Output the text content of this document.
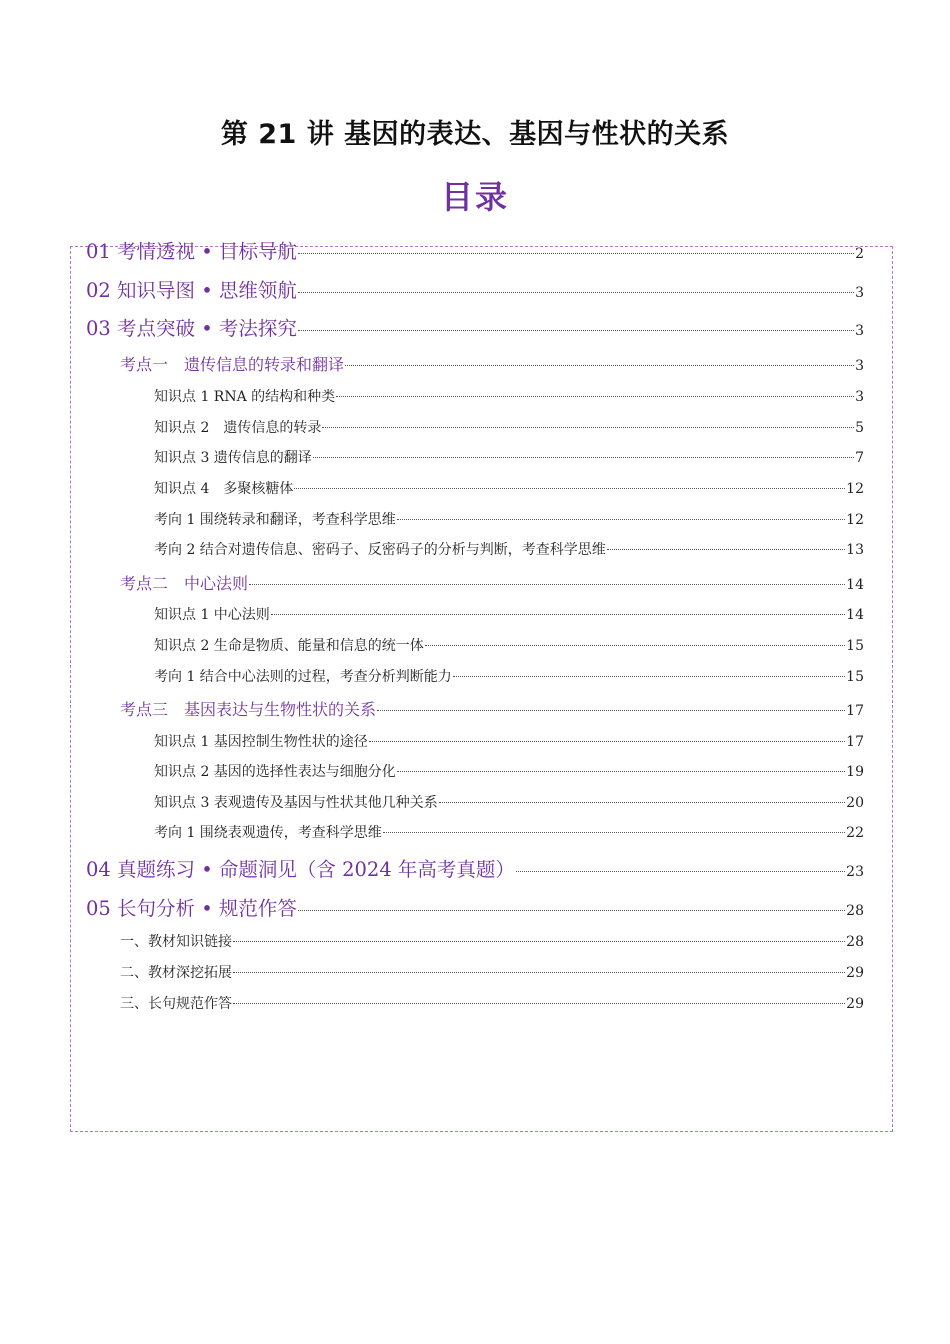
第 21 讲 基因的表达、基因与性状的关系
目录
01 考情透视 • 目标导航	2
02 知识导图 • 思维领航	3
03 考点突破 • 考法探究	3
考点一　遗传信息的转录和翻译	3
知识点 1 RNA 的结构和种类	3
知识点 2　遗传信息的转录	5
知识点 3 遗传信息的翻译	7
知识点 4　多聚核糖体	12
考向 1 围绕转录和翻译，考查科学思维	12
考向 2 结合对遗传信息、密码子、反密码子的分析与判断，考查科学思维	13
考点二　中心法则	14
知识点 1 中心法则	14
知识点 2 生命是物质、能量和信息的统一体	15
考向 1 结合中心法则的过程，考查分析判断能力	15
考点三　基因表达与生物性状的关系	17
知识点 1 基因控制生物性状的途径	17
知识点 2 基因的选择性表达与细胞分化	19
知识点 3 表观遗传及基因与性状其他几种关系	20
考向 1 围绕表观遗传，考查科学思维	22
04 真题练习 • 命题洞见（含 2024 年高考真题）	23
05 长句分析 • 规范作答	28
一、教材知识链接	28
二、教材深挖拓展	29
三、长句规范作答	29
